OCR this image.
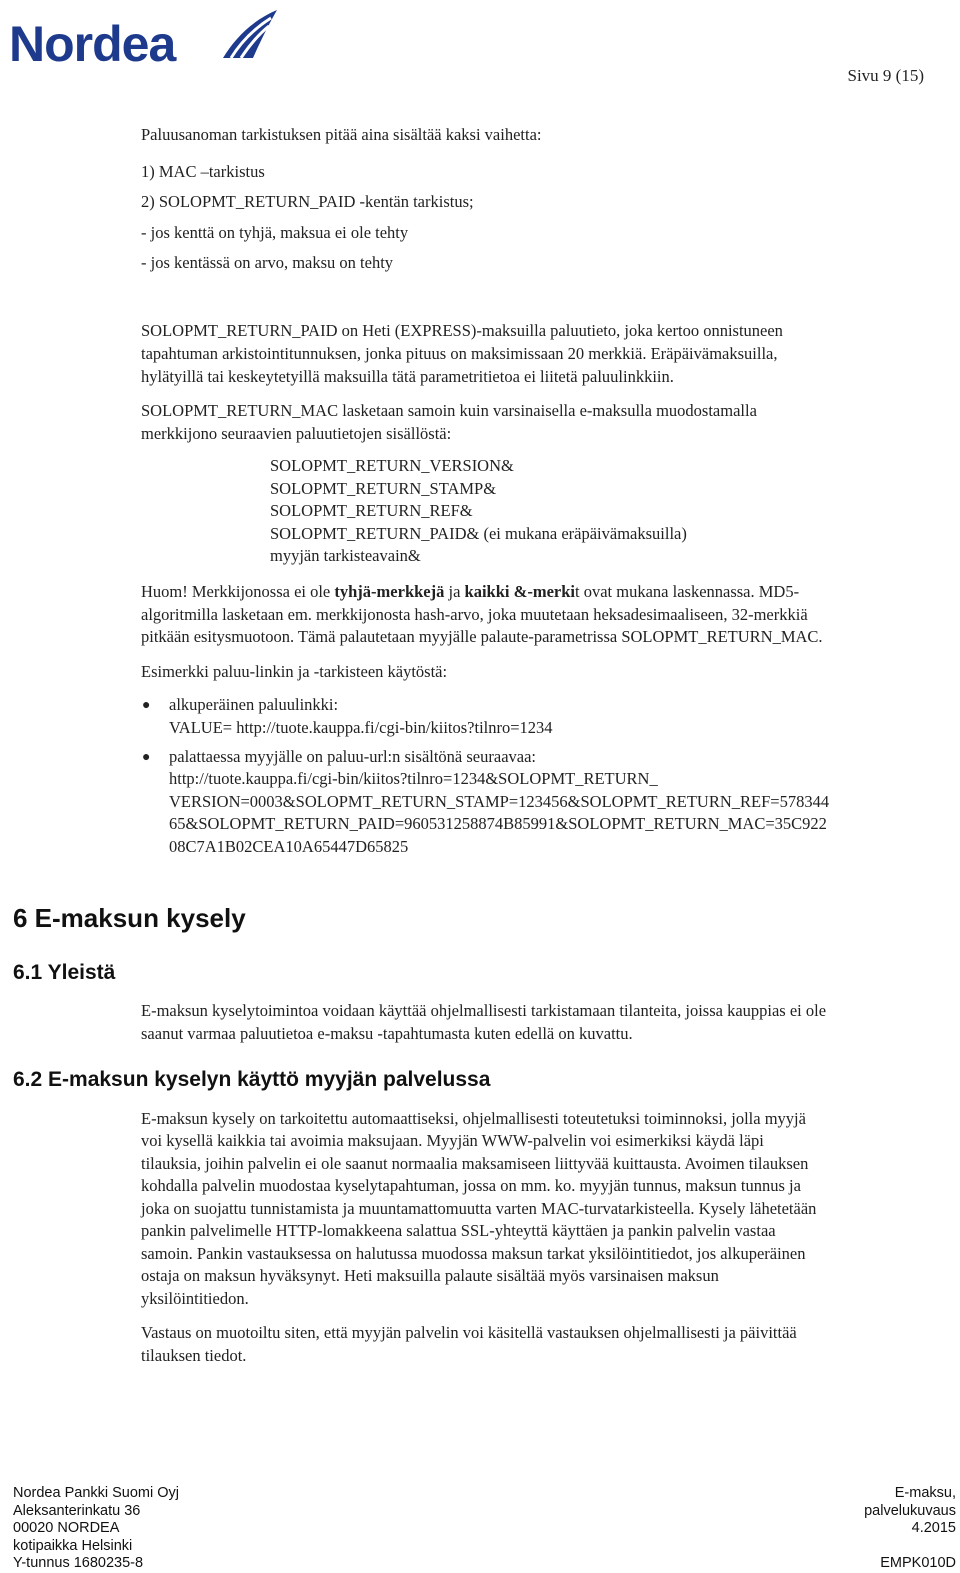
Nordea
Sivu 9 (15)

Paluusanoman tarkistuksen pitää aina sisältää kaksi vaihetta:

1) MAC –tarkistus

2) SOLOPMT_RETURN_PAID -kentän tarkistus;

- jos kenttä on tyhjä, maksua ei ole tehty

- jos kentässä on arvo, maksu on tehty

SOLOPMT_RETURN_PAID on Heti (EXPRESS)-maksuilla paluutieto, joka kertoo onnistuneen

tapahtuman arkistointitunnuksen, jonka pituus on maksimissaan 20 merkkiä. Eräpäivämaksuilla,

hylätyillä tai keskeytetyillä maksuilla tätä parametritietoa ei liitetä paluulinkkiin.

SOLOPMT_RETURN_MAC lasketaan samoin kuin varsinaisella e-maksulla muodostamalla

merkkijono seuraavien paluutietojen sisällöstä:

SOLOPMT_RETURN_VERSION&
SOLOPMT_RETURN_STAMP&
SOLOPMT_RETURN_REF&
SOLOPMT_RETURN_PAID& (ei mukana eräpäivämaksuilla)
myyjän tarkisteavain&

Huom! Merkkijonossa ei ole tyhjä-merkkejä ja kaikki &-merkit ovat mukana laskennassa. MD5-

algoritmilla lasketaan em. merkkijonosta hash-arvo, joka muutetaan heksadesimaaliseen, 32-merkkiä

pitkään esitysmuotoon. Tämä palautetaan myyjälle palaute-parametrissa SOLOPMT_RETURN_MAC.

Esimerkki paluu-linkin ja -tarkisteen käytöstä:

● alkuperäinen paluulinkki:
VALUE= http://tuote.kauppa.fi/cgi-bin/kiitos?tilnro=1234
● palattaessa myyjälle on paluu-url:n sisältönä seuraavaa:
http://tuote.kauppa.fi/cgi-bin/kiitos?tilnro=1234&SOLOPMT_RETURN_
VERSION=0003&SOLOPMT_RETURN_STAMP=123456&SOLOPMT_RETURN_REF=578344
65&SOLOPMT_RETURN_PAID=960531258874B85991&SOLOPMT_RETURN_MAC=35C922
08C7A1B02CEA10A65447D65825
6 E-maksun kysely
6.1 Yleistä

E-maksun kyselytoimintoa voidaan käyttää ohjelmallisesti tarkistamaan tilanteita, joissa kauppias ei ole

saanut varmaa paluutietoa e-maksu -tapahtumasta kuten edellä on kuvattu.

6.2 E-maksun kyselyn käyttö myyjän palvelussa

E-maksun kysely on tarkoitettu automaattiseksi, ohjelmallisesti toteutetuksi toiminnoksi, jolla myyjä

voi kysellä kaikkia tai avoimia maksujaan. Myyjän WWW-palvelin voi esimerkiksi käydä läpi

tilauksia, joihin palvelin ei ole saanut normaalia maksamiseen liittyvää kuittausta. Avoimen tilauksen

kohdalla palvelin muodostaa kyselytapahtuman, jossa on mm. ko. myyjän tunnus, maksun tunnus ja

joka on suojattu tunnistamista ja muuntamattomuutta varten MAC-turvatarkisteella. Kysely lähetetään

pankin palvelimelle HTTP-lomakkeena salattua SSL-yhteyttä käyttäen ja pankin palvelin vastaa

samoin. Pankin vastauksessa on halutussa muodossa maksun tarkat yksilöintitiedot, jos alkuperäinen

ostaja on maksun hyväksynyt. Heti maksuilla palaute sisältää myös varsinaisen maksun

yksilöintitiedon.

Vastaus on muotoiltu siten, että myyjän palvelin voi käsitellä vastauksen ohjelmallisesti ja päivittää

tilauksen tiedot.

Nordea Pankki Suomi Oyj
Aleksanterinkatu 36
00020 NORDEA
kotipaikka Helsinki
Y-tunnus 1680235-8
E-maksu,
palvelukuvaus
4.2015
EMPK010D
